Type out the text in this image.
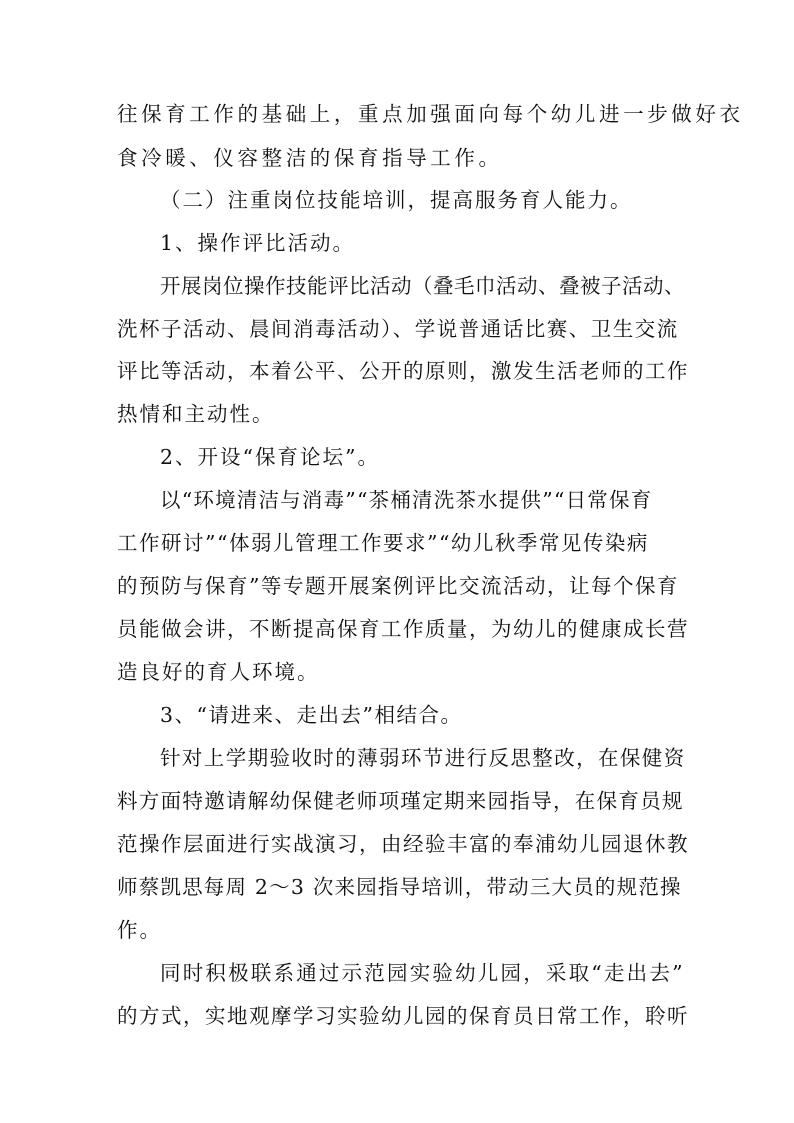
往保育工作的基础上，重点加强面向每个幼儿进一步做好衣
食冷暖、仪容整洁的保育指导工作。
（二）注重岗位技能培训，提高服务育人能力。
1、操作评比活动。
开展岗位操作技能评比活动（叠毛巾活动、叠被子活动、
洗杯子活动、晨间消毒活动）、学说普通话比赛、卫生交流
评比等活动，本着公平、公开的原则，激发生活老师的工作
热情和主动性。
2、开设“保育论坛”。
以“环境清洁与消毒”“茶桶清洗茶水提供”“日常保育
工作研讨”“体弱儿管理工作要求”“幼儿秋季常见传染病
的预防与保育”等专题开展案例评比交流活动，让每个保育
员能做会讲，不断提高保育工作质量，为幼儿的健康成长营
造良好的育人环境。
3、“请进来、走出去”相结合。
针对上学期验收时的薄弱环节进行反思整改，在保健资
料方面特邀请解幼保健老师项瑾定期来园指导，在保育员规
范操作层面进行实战演习，由经验丰富的奉浦幼儿园退休教
师蔡凯思每周 2～3 次来园指导培训，带动三大员的规范操
作。
同时积极联系通过示范园实验幼儿园，采取“走出去”
的方式，实地观摩学习实验幼儿园的保育员日常工作，聆听
